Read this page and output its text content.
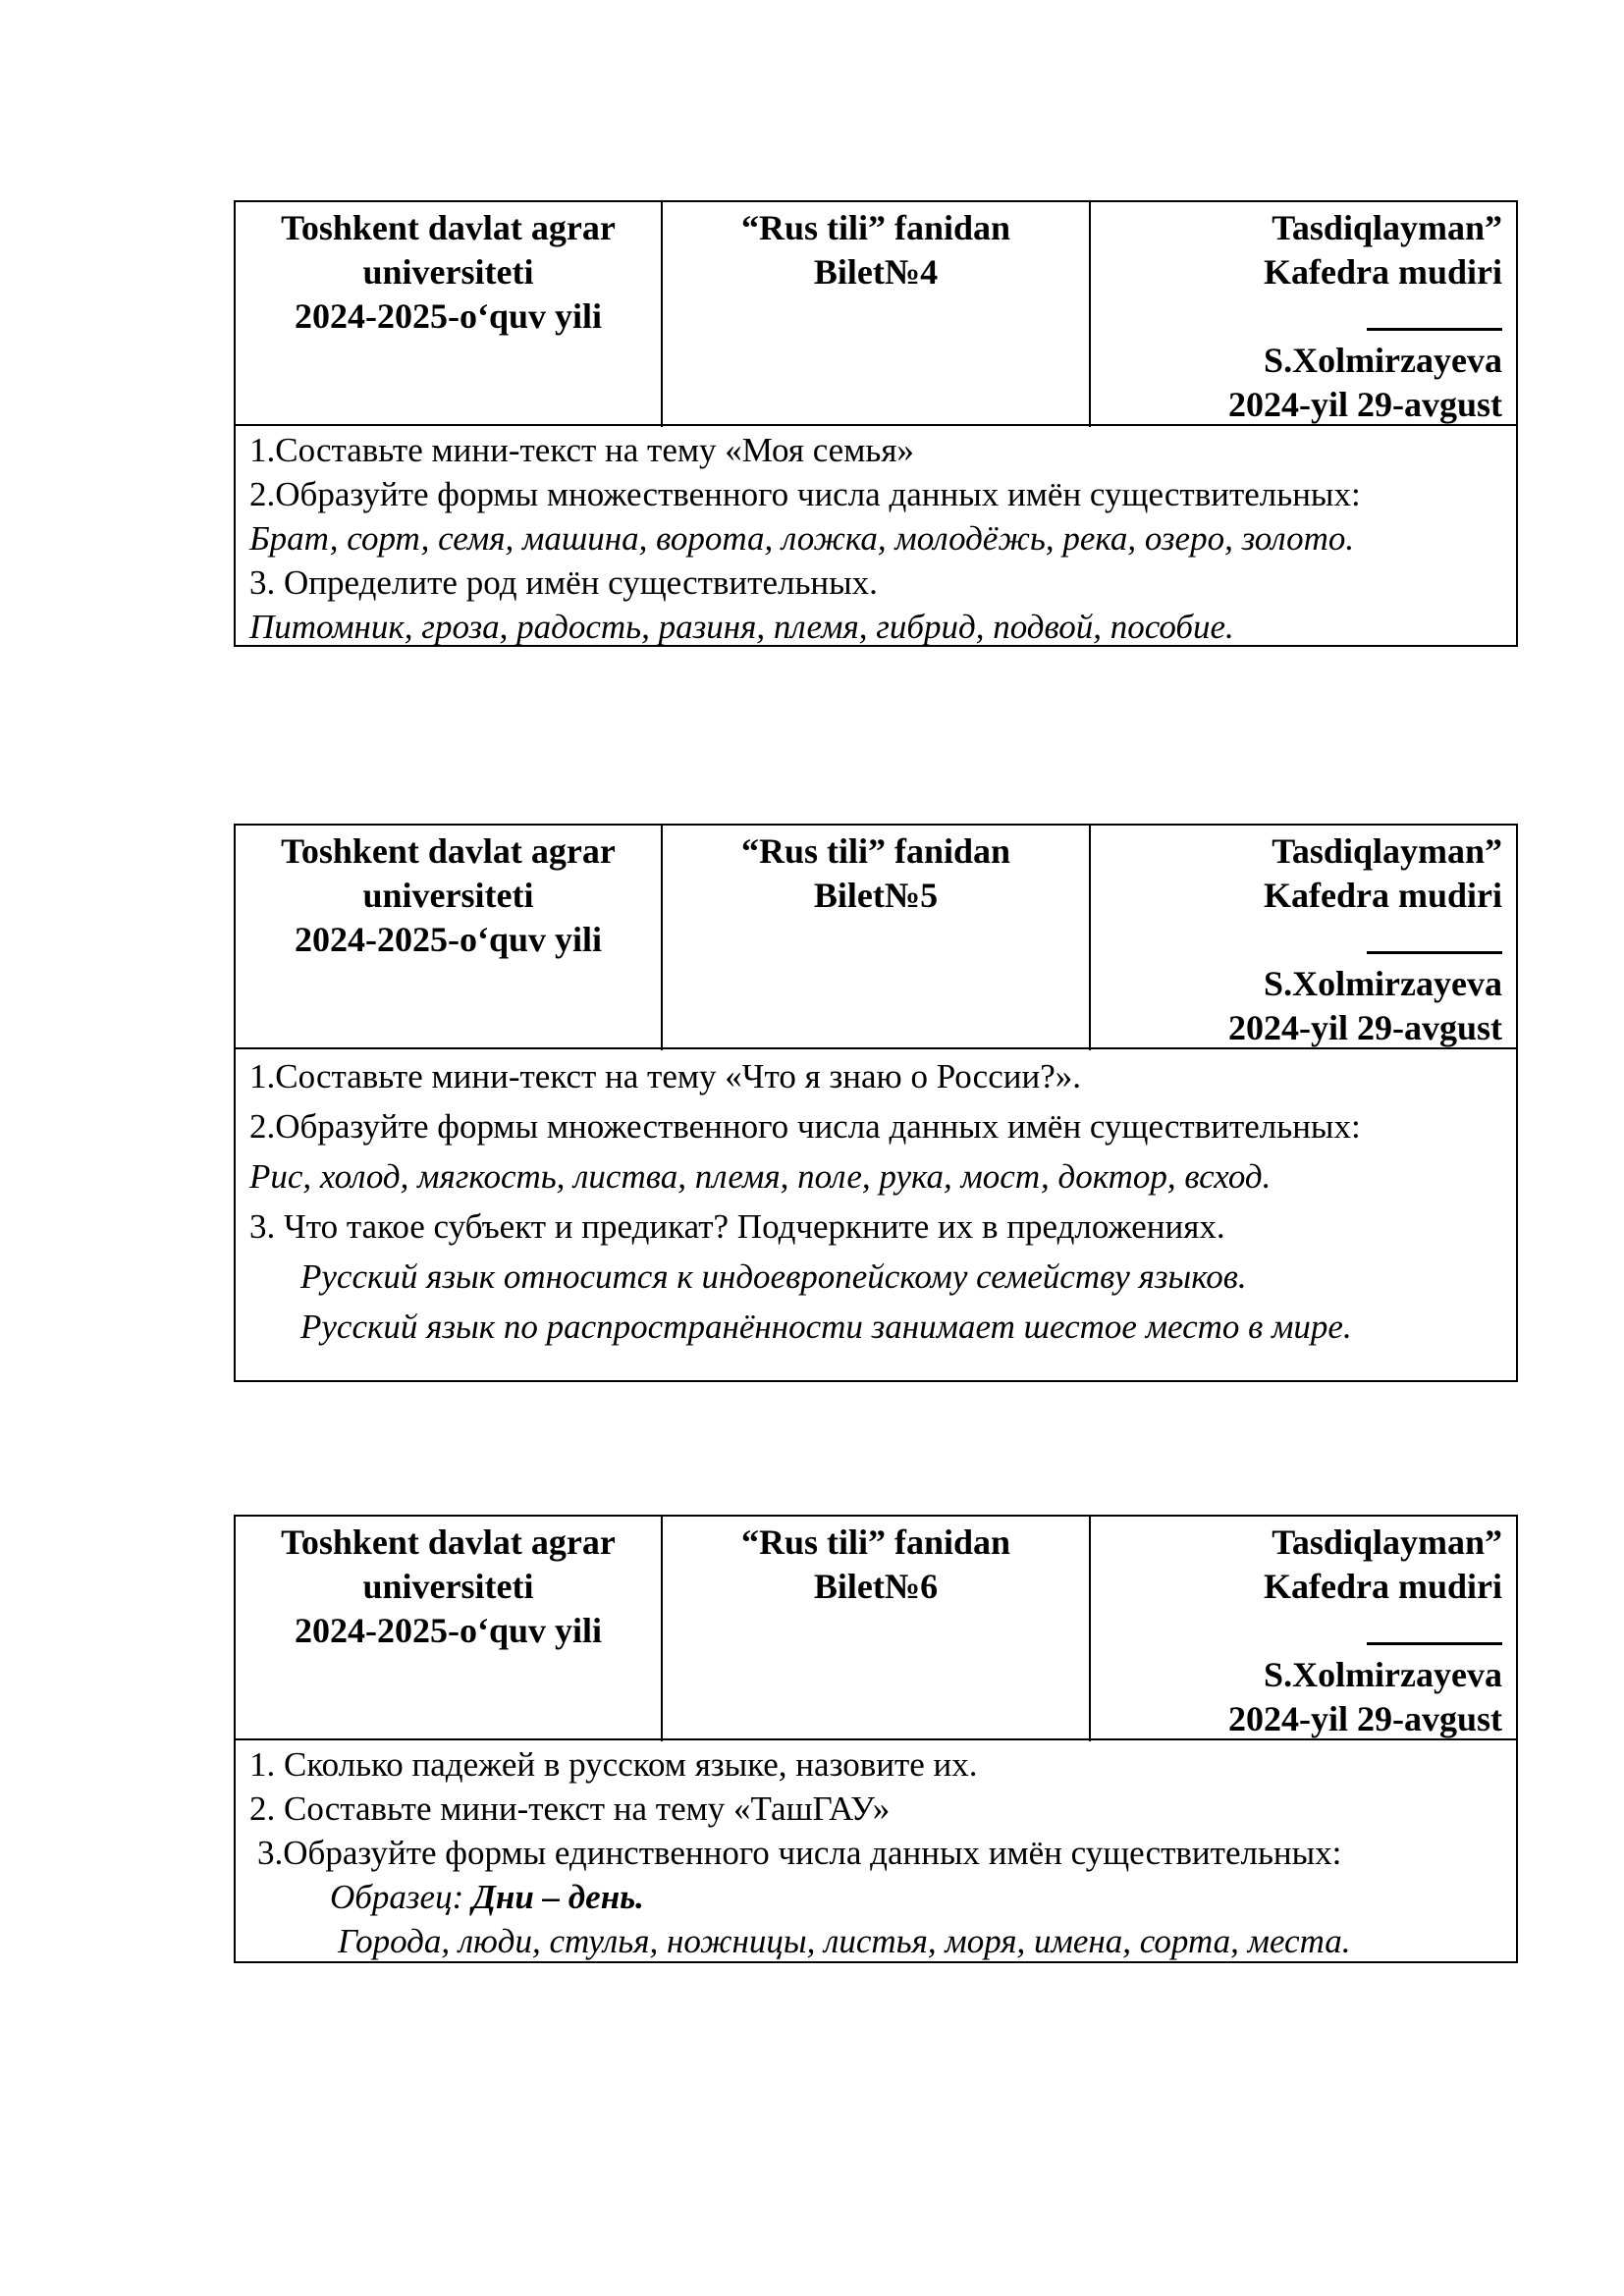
Toshkent davlat agrar
universiteti
2024-2025-o‘quv yili
“Rus tili” fanidan
Bilet№4
Tasdiqlayman”
Kafedra mudiri
S.Xolmirzayeva
2024-yil 29-avgust
1.Составьте мини-текст на тему «Моя семья»
2.Образуйте формы множественного числа данных имён существительных:
Брат, сорт, семя, машина, ворота, ложка, молодёжь, река, озеро, золото.
3. Определите род имён существительных.
Питомник, гроза, радость, разиня, племя, гибрид, подвой, пособие.
Toshkent davlat agrar
universiteti
2024-2025-o‘quv yili
“Rus tili” fanidan
Bilet№5
Tasdiqlayman”
Kafedra mudiri
S.Xolmirzayeva
2024-yil 29-avgust
1.Составьте мини-текст на тему «Что я знаю о России?».
2.Образуйте формы множественного числа данных имён существительных:
Рис, холод, мягкость, листва, племя, поле, рука, мост, доктор, всход.
3. Что такое субъект и предикат? Подчеркните их в предложениях.
Русский язык относится к индоевропейскому семейству языков.
Русский язык по распространённости занимает шестое место в мире.
Toshkent davlat agrar
universiteti
2024-2025-o‘quv yili
“Rus tili” fanidan
Bilet№6
Tasdiqlayman”
Kafedra mudiri
S.Xolmirzayeva
2024-yil 29-avgust
1. Сколько падежей в русском языке, назовите их.
2. Составьте мини-текст на тему «ТашГАУ»
3.Образуйте формы единственного числа данных имён существительных:
Образец: Дни – день.
Города, люди, стулья, ножницы, листья, моря, имена, сорта, места.
